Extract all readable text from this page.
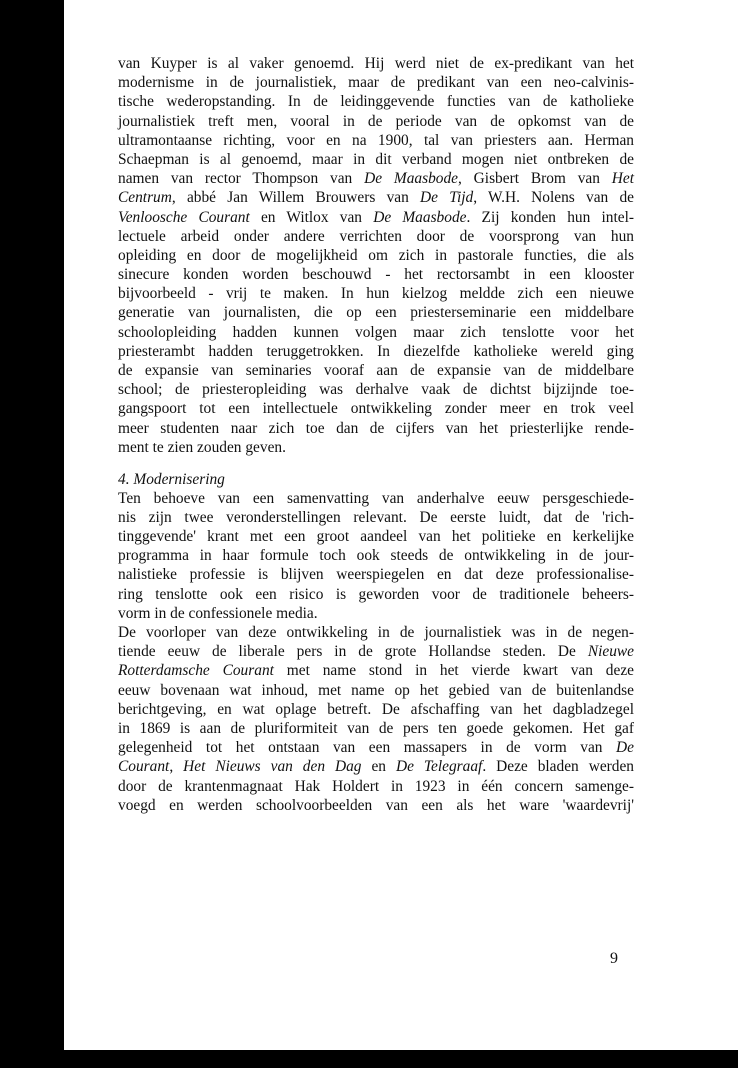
van Kuyper is al vaker genoemd. Hij werd niet de ex-predikant van het
modernisme in de journalistiek, maar de predikant van een neo-calvinis-
tische wederopstanding. In de leidinggevende functies van de katholieke
journalistiek treft men, vooral in de periode van de opkomst van de
ultramontaanse richting, voor en na 1900, tal van priesters aan. Herman
Schaepman is al genoemd, maar in dit verband mogen niet ontbreken de
namen van rector Thompson van De Maasbode, Gisbert Brom van Het
Centrum, abbé Jan Willem Brouwers van De Tijd, W.H. Nolens van de
Venloosche Courant en Witlox van De Maasbode. Zij konden hun intel-
lectuele arbeid onder andere verrichten door de voorsprong van hun
opleiding en door de mogelijkheid om zich in pastorale functies, die als
sinecure konden worden beschouwd - het rectorsambt in een klooster
bijvoorbeeld - vrij te maken. In hun kielzog meldde zich een nieuwe
generatie van journalisten, die op een priesterseminarie een middelbare
schoolopleiding hadden kunnen volgen maar zich tenslotte voor het
priesterambt hadden teruggetrokken. In diezelfde katholieke wereld ging
de expansie van seminaries vooraf aan de expansie van de middelbare
school; de priesteropleiding was derhalve vaak de dichtst bijzijnde toe-
gangspoort tot een intellectuele ontwikkeling zonder meer en trok veel
meer studenten naar zich toe dan de cijfers van het priesterlijke rende-
ment te zien zouden geven.
4. Modernisering
Ten behoeve van een samenvatting van anderhalve eeuw persgeschiede-
nis zijn twee veronderstellingen relevant. De eerste luidt, dat de 'rich-
tinggevende' krant met een groot aandeel van het politieke en kerkelijke
programma in haar formule toch ook steeds de ontwikkeling in de jour-
nalistieke professie is blijven weerspiegelen en dat deze professionalise-
ring tenslotte ook een risico is geworden voor de traditionele beheers-
vorm in de confessionele media.
De voorloper van deze ontwikkeling in de journalistiek was in de negen-
tiende eeuw de liberale pers in de grote Hollandse steden. De Nieuwe
Rotterdamsche Courant met name stond in het vierde kwart van deze
eeuw bovenaan wat inhoud, met name op het gebied van de buitenlandse
berichtgeving, en wat oplage betreft. De afschaffing van het dagbladzegel
in 1869 is aan de pluriformiteit van de pers ten goede gekomen. Het gaf
gelegenheid tot het ontstaan van een massapers in de vorm van De
Courant, Het Nieuws van den Dag en De Telegraaf. Deze bladen werden
door de krantenmagnaat Hak Holdert in 1923 in één concern samenge-
voegd en werden schoolvoorbeelden van een als het ware 'waardevrij'
9
